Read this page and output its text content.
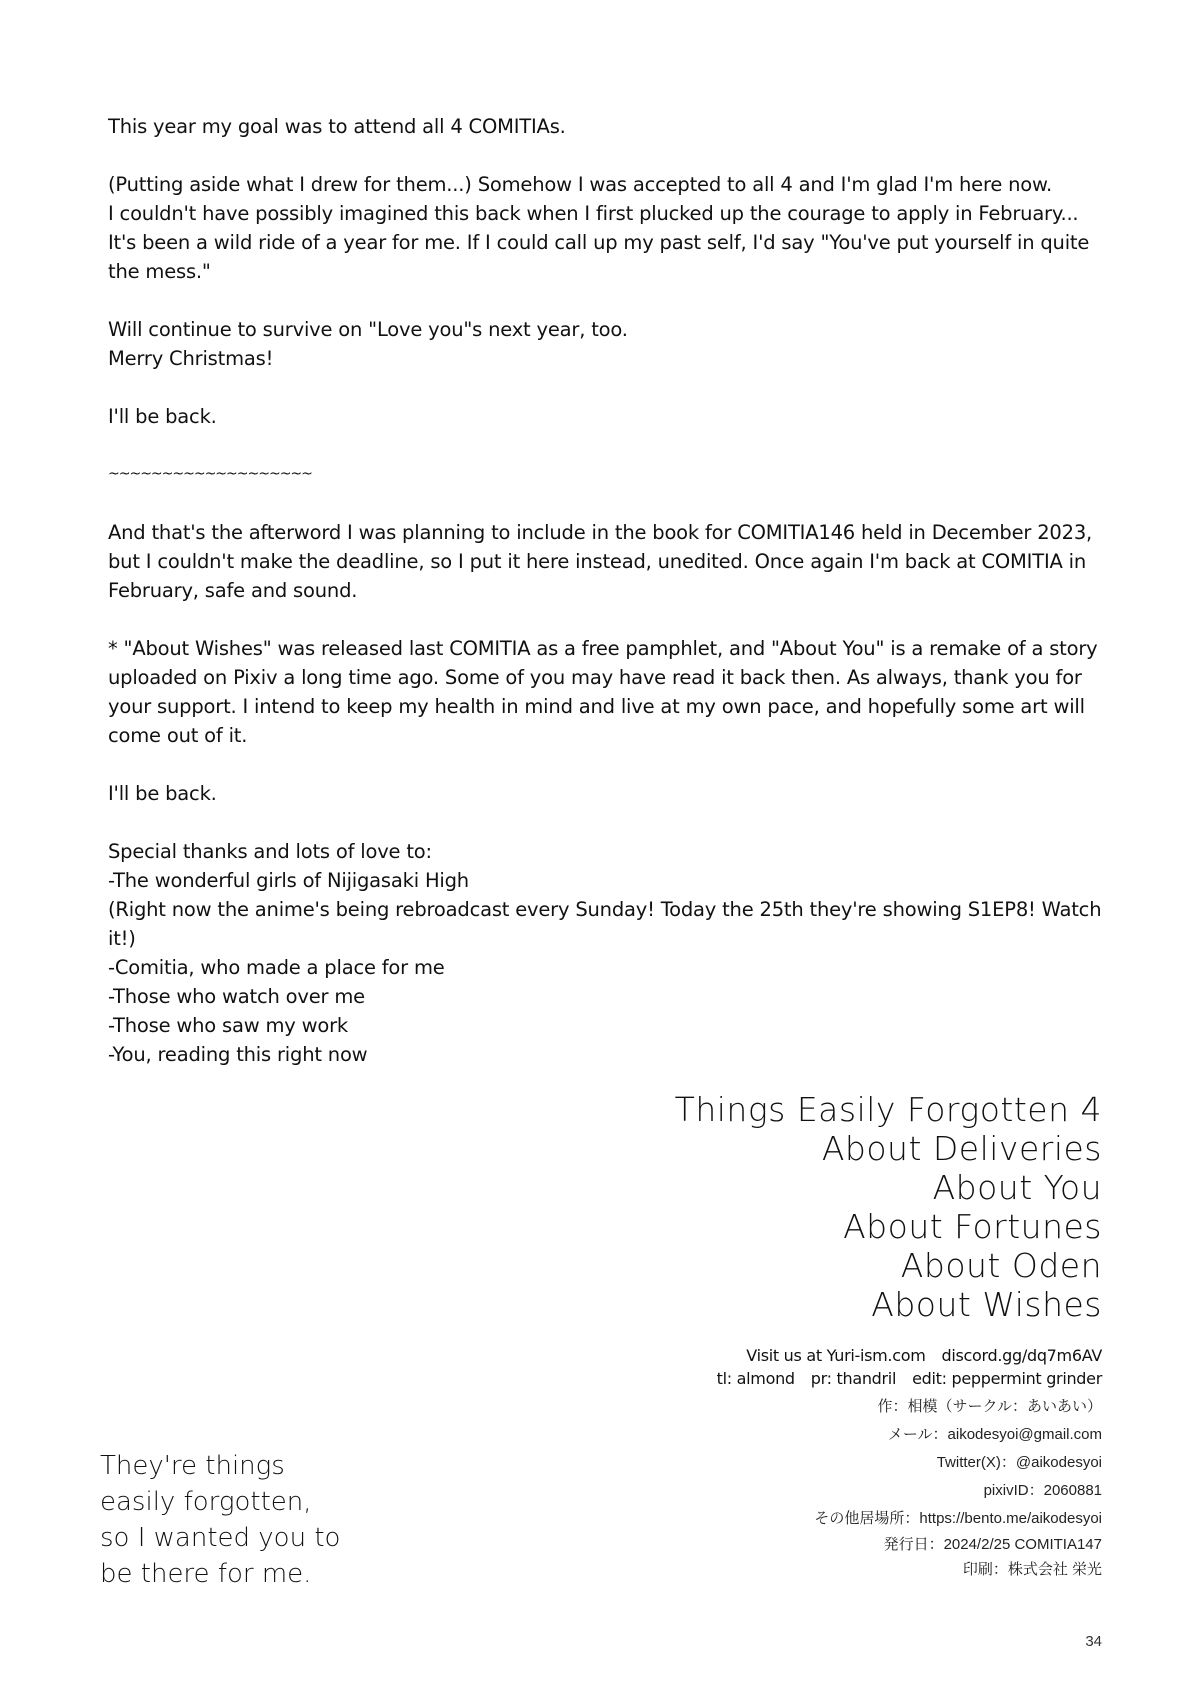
This year my goal was to attend all 4 COMITIAs.

(Putting aside what I drew for them...) Somehow I was accepted to all 4 and I'm glad I'm here now.
I couldn't have possibly imagined this back when I first plucked up the courage to apply in February... It's been a wild ride of a year for me. If I could call up my past self, I'd say "You've put yourself in quite the mess."

Will continue to survive on "Love you"s next year, too.
Merry Christmas!

I'll be back.

~~~~~~~~~~~~~~~~~~~

And that's the afterword I was planning to include in the book for COMITIA146 held in December 2023, but I couldn't make the deadline, so I put it here instead, unedited. Once again I'm back at COMITIA in February, safe and sound.

* "About Wishes" was released last COMITIA as a free pamphlet, and "About You" is a remake of a story uploaded on Pixiv a long time ago. Some of you may have read it back then. As always, thank you for your support. I intend to keep my health in mind and live at my own pace, and hopefully some art will come out of it.

I'll be back.

Special thanks and lots of love to:
-The wonderful girls of Nijigasaki High
(Right now the anime's being rebroadcast every Sunday! Today the 25th they're showing S1EP8! Watch it!)
-Comitia, who made a place for me
-Those who watch over me
-Those who saw my work
-You, reading this right now

Things Easily Forgotten 4
About Deliveries
About You
About Fortunes
About Oden
About Wishes
Visit us at Yuri-ism.com discord.gg/dq7m6AV
tl: almond pr: thandril edit: peppermint grinder
作：相模（サークル：あいあい）
メール：aikodesyoi@gmail.com
Twitter(X)：@aikodesyoi
pixivID：2060881
その他居場所：https://bento.me/aikodesyoi
発行日：2024/2/25 COMITIA147
印刷：株式会社 栄光
They're things
easily forgotten,
so I wanted you to
be there for me.
34
